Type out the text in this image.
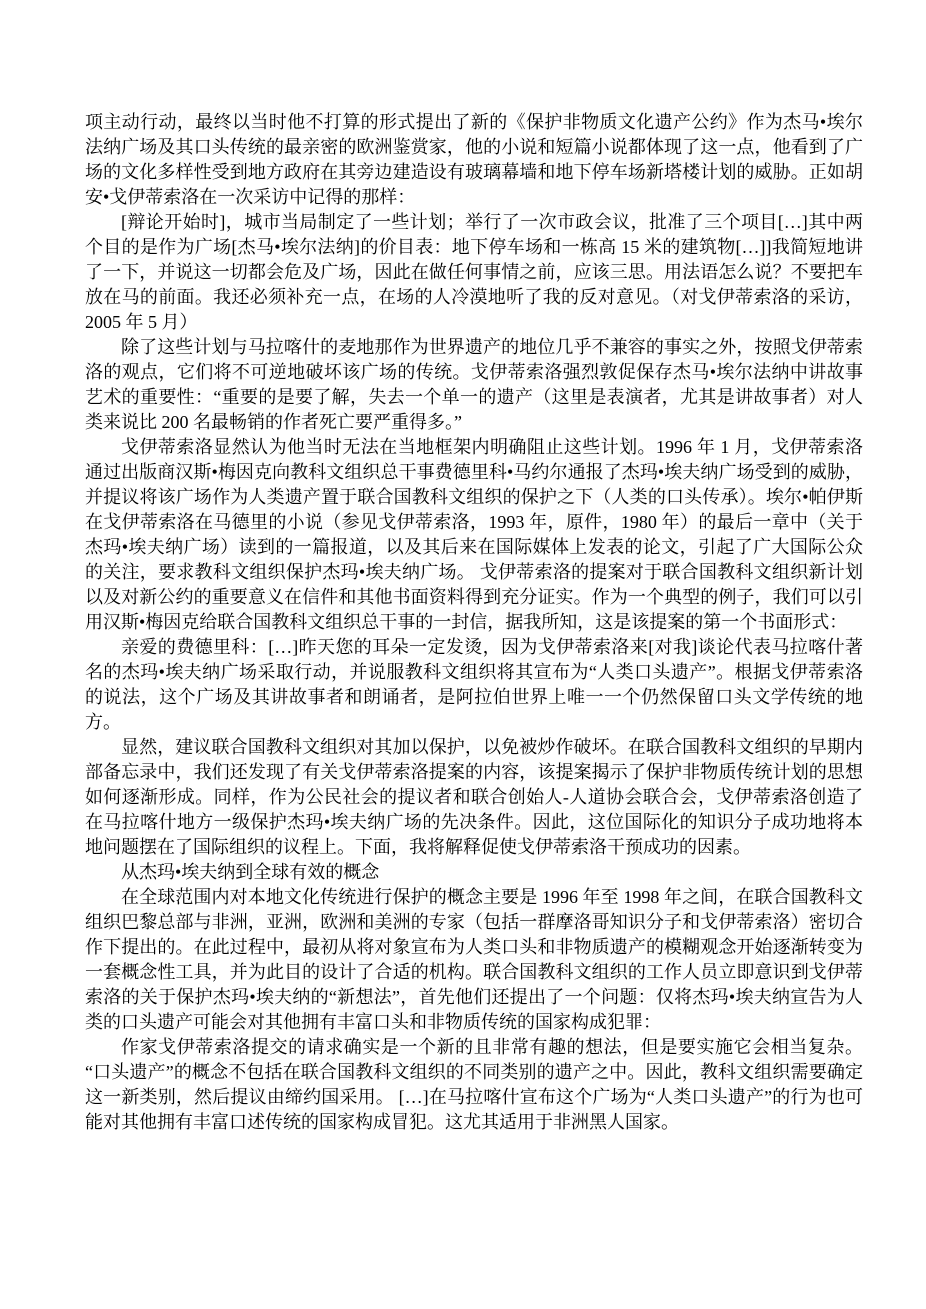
项主动行动，最终以当时他不打算的形式提出了新的《保护非物质文化遗产公约》作为杰马•埃尔法纳广场及其口头传统的最亲密的欧洲鉴赏家，他的小说和短篇小说都体现了这一点，他看到了广场的文化多样性受到地方政府在其旁边建造设有玻璃幕墙和地下停车场新塔楼计划的威胁。正如胡安•戈伊蒂索洛在一次采访中记得的那样：

[辩论开始时]，城市当局制定了一些计划；举行了一次市政会议，批准了三个项目[…]其中两个目的是作为广场[杰马•埃尔法纳]的价目表：地下停车场和一栋高 15 米的建筑物[…]]我简短地讲了一下，并说这一切都会危及广场，因此在做任何事情之前，应该三思。用法语怎么说？不要把车放在马的前面。我还必须补充一点，在场的人冷漠地听了我的反对意见。（对戈伊蒂索洛的采访，2005 年 5 月）

除了这些计划与马拉喀什的麦地那作为世界遗产的地位几乎不兼容的事实之外，按照戈伊蒂索洛的观点，它们将不可逆地破坏该广场的传统。戈伊蒂索洛强烈敦促保存杰马•埃尔法纳中讲故事艺术的重要性：“重要的是要了解，失去一个单一的遗产（这里是表演者，尤其是讲故事者）对人类来说比 200 名最畅销的作者死亡要严重得多。”

戈伊蒂索洛显然认为他当时无法在当地框架内明确阻止这些计划。1996 年 1 月，戈伊蒂索洛通过出版商汉斯•梅因克向教科文组织总干事费德里科•马约尔通报了杰玛•埃夫纳广场受到的威胁，并提议将该广场作为人类遗产置于联合国教科文组织的保护之下（人类的口头传承）。埃尔•帕伊斯在戈伊蒂索洛在马德里的小说（参见戈伊蒂索洛，1993 年，原件，1980 年）的最后一章中（关于杰玛•埃夫纳广场）读到的一篇报道，以及其后来在国际媒体上发表的论文，引起了广大国际公众的关注，要求教科文组织保护杰玛•埃夫纳广场。 戈伊蒂索洛的提案对于联合国教科文组织新计划以及对新公约的重要意义在信件和其他书面资料得到充分证实。作为一个典型的例子，我们可以引用汉斯•梅因克给联合国教科文组织总干事的一封信，据我所知，这是该提案的第一个书面形式：

亲爱的费德里科：[…]昨天您的耳朵一定发烫，因为戈伊蒂索洛来[对我]谈论代表马拉喀什著名的杰玛•埃夫纳广场采取行动，并说服教科文组织将其宣布为“人类口头遗产”。根据戈伊蒂索洛的说法，这个广场及其讲故事者和朗诵者，是阿拉伯世界上唯一一个仍然保留口头文学传统的地方。

显然，建议联合国教科文组织对其加以保护，以免被炒作破坏。在联合国教科文组织的早期内部备忘录中，我们还发现了有关戈伊蒂索洛提案的内容，该提案揭示了保护非物质传统计划的思想如何逐渐形成。同样，作为公民社会的提议者和联合创始人-人道协会联合会，戈伊蒂索洛创造了在马拉喀什地方一级保护杰玛•埃夫纳广场的先决条件。因此，这位国际化的知识分子成功地将本地问题摆在了国际组织的议程上。下面，我将解释促使戈伊蒂索洛干预成功的因素。

从杰玛•埃夫纳到全球有效的概念

在全球范围内对本地文化传统进行保护的概念主要是 1996 年至 1998 年之间，在联合国教科文组织巴黎总部与非洲，亚洲，欧洲和美洲的专家（包括一群摩洛哥知识分子和戈伊蒂索洛）密切合作下提出的。在此过程中，最初从将对象宣布为人类口头和非物质遗产的模糊观念开始逐渐转变为一套概念性工具，并为此目的设计了合适的机构。联合国教科文组织的工作人员立即意识到戈伊蒂索洛的关于保护杰玛•埃夫纳的“新想法”，首先他们还提出了一个问题：仅将杰玛•埃夫纳宣告为人类的口头遗产可能会对其他拥有丰富口头和非物质传统的国家构成犯罪：

作家戈伊蒂索洛提交的请求确实是一个新的且非常有趣的想法，但是要实施它会相当复杂。“口头遗产”的概念不包括在联合国教科文组织的不同类别的遗产之中。因此，教科文组织需要确定这一新类别，然后提议由缔约国采用。 […]在马拉喀什宣布这个广场为“人类口头遗产”的行为也可能对其他拥有丰富口述传统的国家构成冒犯。这尤其适用于非洲黑人国家。
